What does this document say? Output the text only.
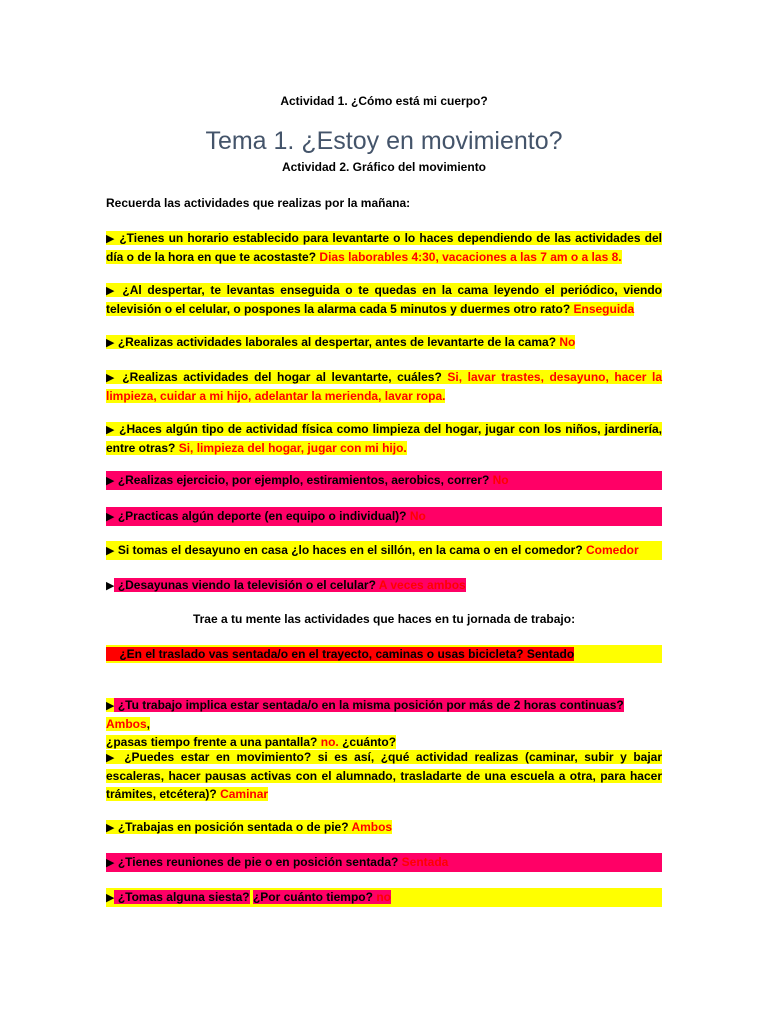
Actividad 1. ¿Cómo está mi cuerpo?
Tema 1. ¿Estoy en movimiento?
Actividad 2. Gráfico del movimiento
Recuerda las actividades que realizas por la mañana:
▶ ¿Tienes un horario establecido para levantarte o lo haces dependiendo de las actividades del día o de la hora en que te acostaste? Dias laborables 4:30, vacaciones a las 7 am o a las 8.
▶ ¿Al despertar, te levantas enseguida o te quedas en la cama leyendo el periódico, viendo televisión o el celular, o pospones la alarma cada 5 minutos y duermes otro rato? Enseguida
▶ ¿Realizas actividades laborales al despertar, antes de levantarte de la cama? No
▶ ¿Realizas actividades del hogar al levantarte, cuáles? Si, lavar trastes, desayuno, hacer la limpieza, cuidar a mi hijo, adelantar la merienda, lavar ropa.
▶ ¿Haces algún tipo de actividad física como limpieza del hogar, jugar con los niños, jardinería, entre otras? Si, limpieza del hogar, jugar con mi hijo.
▶ ¿Realizas ejercicio, por ejemplo, estiramientos, aerobics, correr? No
▶ ¿Practicas algún deporte (en equipo o individual)? No
▶ Si tomas el desayuno en casa ¿lo haces en el sillón, en la cama o en el comedor? Comedor
▶ ¿Desayunas viendo la televisión o el celular? A veces ambos
Trae a tu mente las actividades que haces en tu jornada de trabajo:
¿En el traslado vas sentada/o en el trayecto, caminas o usas bicicleta? Sentado
▶ ¿Tu trabajo implica estar sentada/o en la misma posición por más de 2 horas continuas? Ambos,
¿pasas tiempo frente a una pantalla? no. ¿cuánto?
▶ ¿Puedes estar en movimiento? si es así, ¿qué actividad realizas (caminar, subir y bajar escaleras, hacer pausas activas con el alumnado, trasladarte de una escuela a otra, para hacer trámites, etcétera)? Caminar
▶ ¿Trabajas en posición sentada o de pie? Ambos
▶ ¿Tienes reuniones de pie o en posición sentada? Sentada
▶ ¿Tomas alguna siesta? ¿Por cuánto tiempo? no
